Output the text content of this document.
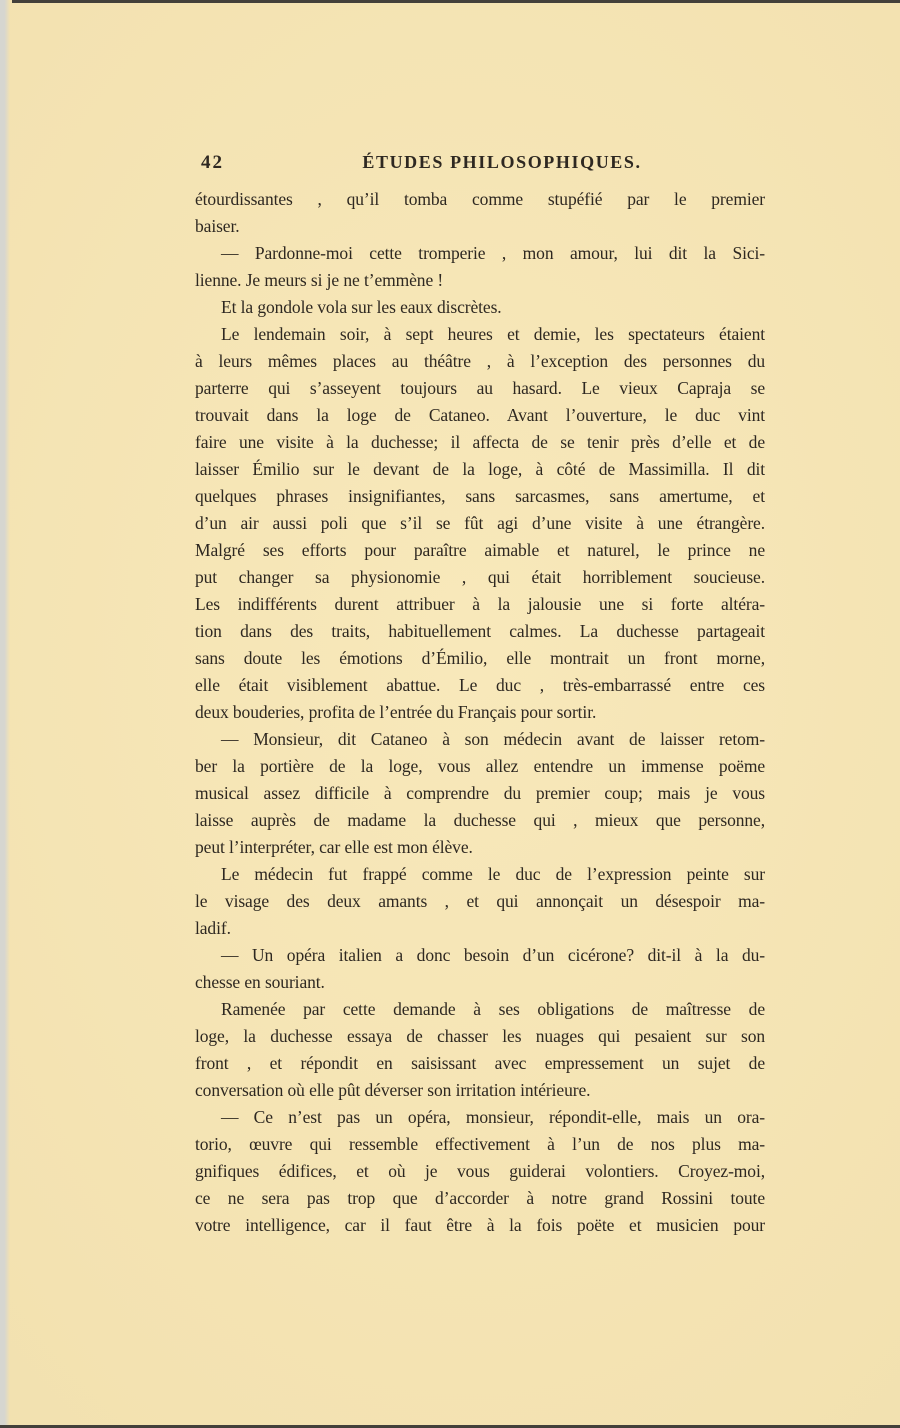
42	ÉTUDES PHILOSOPHIQUES.
étourdissantes , qu’il tomba comme stupéfié par le premier
baiser.
— Pardonne-moi cette tromperie , mon amour, lui dit la Sici-
lienne. Je meurs si je ne t’emmène !
Et la gondole vola sur les eaux discrètes.
Le lendemain soir, à sept heures et demie, les spectateurs étaient
à leurs mêmes places au théâtre , à l’exception des personnes du
parterre qui s’asseyent toujours au hasard. Le vieux Capraja se
trouvait dans la loge de Cataneo. Avant l’ouverture, le duc vint
faire une visite à la duchesse; il affecta de se tenir près d’elle et de
laisser Émilio sur le devant de la loge, à côté de Massimilla. Il dit
quelques phrases insignifiantes, sans sarcasmes, sans amertume, et
d’un air aussi poli que s’il se fût agi d’une visite à une étrangère.
Malgré ses efforts pour paraître aimable et naturel, le prince ne
put changer sa physionomie , qui était horriblement soucieuse.
Les indifférents durent attribuer à la jalousie une si forte altéra-
tion dans des traits, habituellement calmes. La duchesse partageait
sans doute les émotions d’Émilio, elle montrait un front morne,
elle était visiblement abattue. Le duc , très-embarrassé entre ces
deux bouderies, profita de l’entrée du Français pour sortir.
— Monsieur, dit Cataneo à son médecin avant de laisser retom-
ber la portière de la loge, vous allez entendre un immense poëme
musical assez difficile à comprendre du premier coup; mais je vous
laisse auprès de madame la duchesse qui , mieux que personne,
peut l’interpréter, car elle est mon élève.
Le médecin fut frappé comme le duc de l’expression peinte sur
le visage des deux amants , et qui annonçait un désespoir ma-
ladif.
— Un opéra italien a donc besoin d’un cicérone? dit-il à la du-
chesse en souriant.
Ramenée par cette demande à ses obligations de maîtresse de
loge, la duchesse essaya de chasser les nuages qui pesaient sur son
front , et répondit en saisissant avec empressement un sujet de
conversation où elle pût déverser son irritation intérieure.
— Ce n’est pas un opéra, monsieur, répondit-elle, mais un ora-
torio, œuvre qui ressemble effectivement à l’un de nos plus ma-
gnifiques édifices, et où je vous guiderai volontiers. Croyez-moi,
ce ne sera pas trop que d’accorder à notre grand Rossini toute
votre intelligence, car il faut être à la fois poëte et musicien pour
